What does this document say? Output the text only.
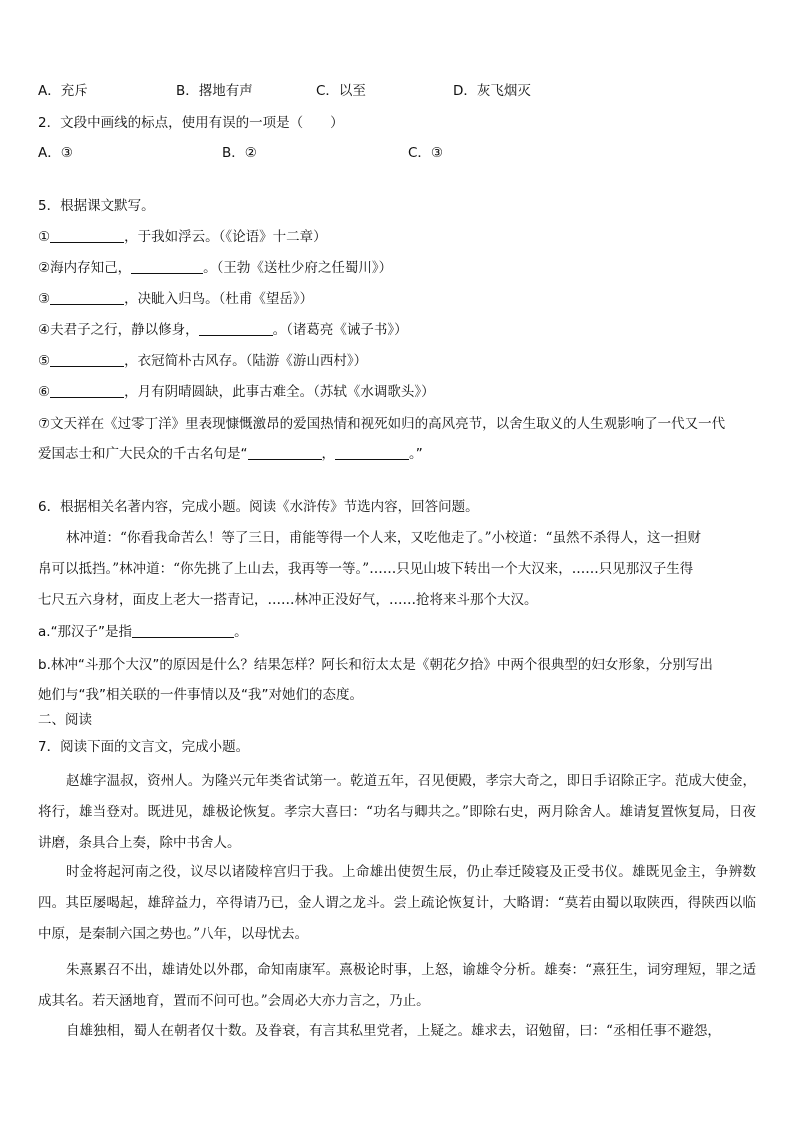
A．充斥	B．撂地有声	C．以至	D．灰飞烟灭
2．文段中画线的标点，使用有误的一项是（　　）
A．③	B．②	C．③
5．根据课文默写。
①	，于我如浮云。（《论语》十二章）
②海内存知己，	。（王勃《送杜少府之任蜀川》）
③	，决眦入归鸟。（杜甫《望岳》）
④夫君子之行，静以修身，	。（诸葛亮《诫子书》）
⑤	，衣冠简朴古风存。（陆游《游山西村》）
⑥	，月有阴晴圆缺，此事古难全。（苏轼《水调歌头》）
⑦文天祥在《过零丁洋》里表现慷慨激昂的爱国热情和视死如归的高风亮节，以舍生取义的人生观影响了一代又一代
爱国志士和广大民众的千古名句是“	，	。”
6．根据相关名著内容，完成小题。阅读《水浒传》节选内容，回答问题。
林冲道：“你看我命苦么！等了三日，甫能等得一个人来，又吃他走了。”小校道：“虽然不杀得人，这一担财
帛可以抵挡。”林冲道：“你先挑了上山去，我再等一等。”……只见山坡下转出一个大汉来，……只见那汉子生得
七尺五六身材，面皮上老大一搭青记，……林冲正没好气，……抢将来斗那个大汉。
a.“那汉子”是指	。
b.林冲“斗那个大汉”的原因是什么？结果怎样？阿长和衍太太是《朝花夕拾》中两个很典型的妇女形象，分别写出
她们与“我”相关联的一件事情以及“我”对她们的态度。
二、阅读
7．阅读下面的文言文，完成小题。
赵雄字温叔，资州人。为隆兴元年类省试第一。乾道五年，召见便殿，孝宗大奇之，即日手诏除正字。范成大使金，将行，雄当登对。既进见，雄极论恢复。孝宗大喜曰：“功名与卿共之。”即除右史，两月除舍人。雄请复置恢复局，日夜讲磨，条具合上奏，除中书舍人。
时金将起河南之役，议尽以诸陵梓宫归于我。上命雄出使贺生辰，仍止奉迁陵寝及正受书仪。雄既见金主，争辨数四。其臣屡喝起，雄辞益力，卒得请乃已，金人谓之龙斗。尝上疏论恢复计，大略谓：“莫若由蜀以取陕西，得陕西以临中原，是秦制六国之势也。”八年，以母忧去。
朱熹累召不出，雄请处以外郡，命知南康军。熹极论时事，上怒，谕雄令分析。雄奏：“熹狂生，词穷理短，罪之适成其名。若天涵地育，置而不问可也。”会周必大亦力言之，乃止。
自雄独相，蜀人在朝者仅十数。及眷衰，有言其私里党者，上疑之。雄求去，诏勉留，曰：“丞相任事不避怨，
